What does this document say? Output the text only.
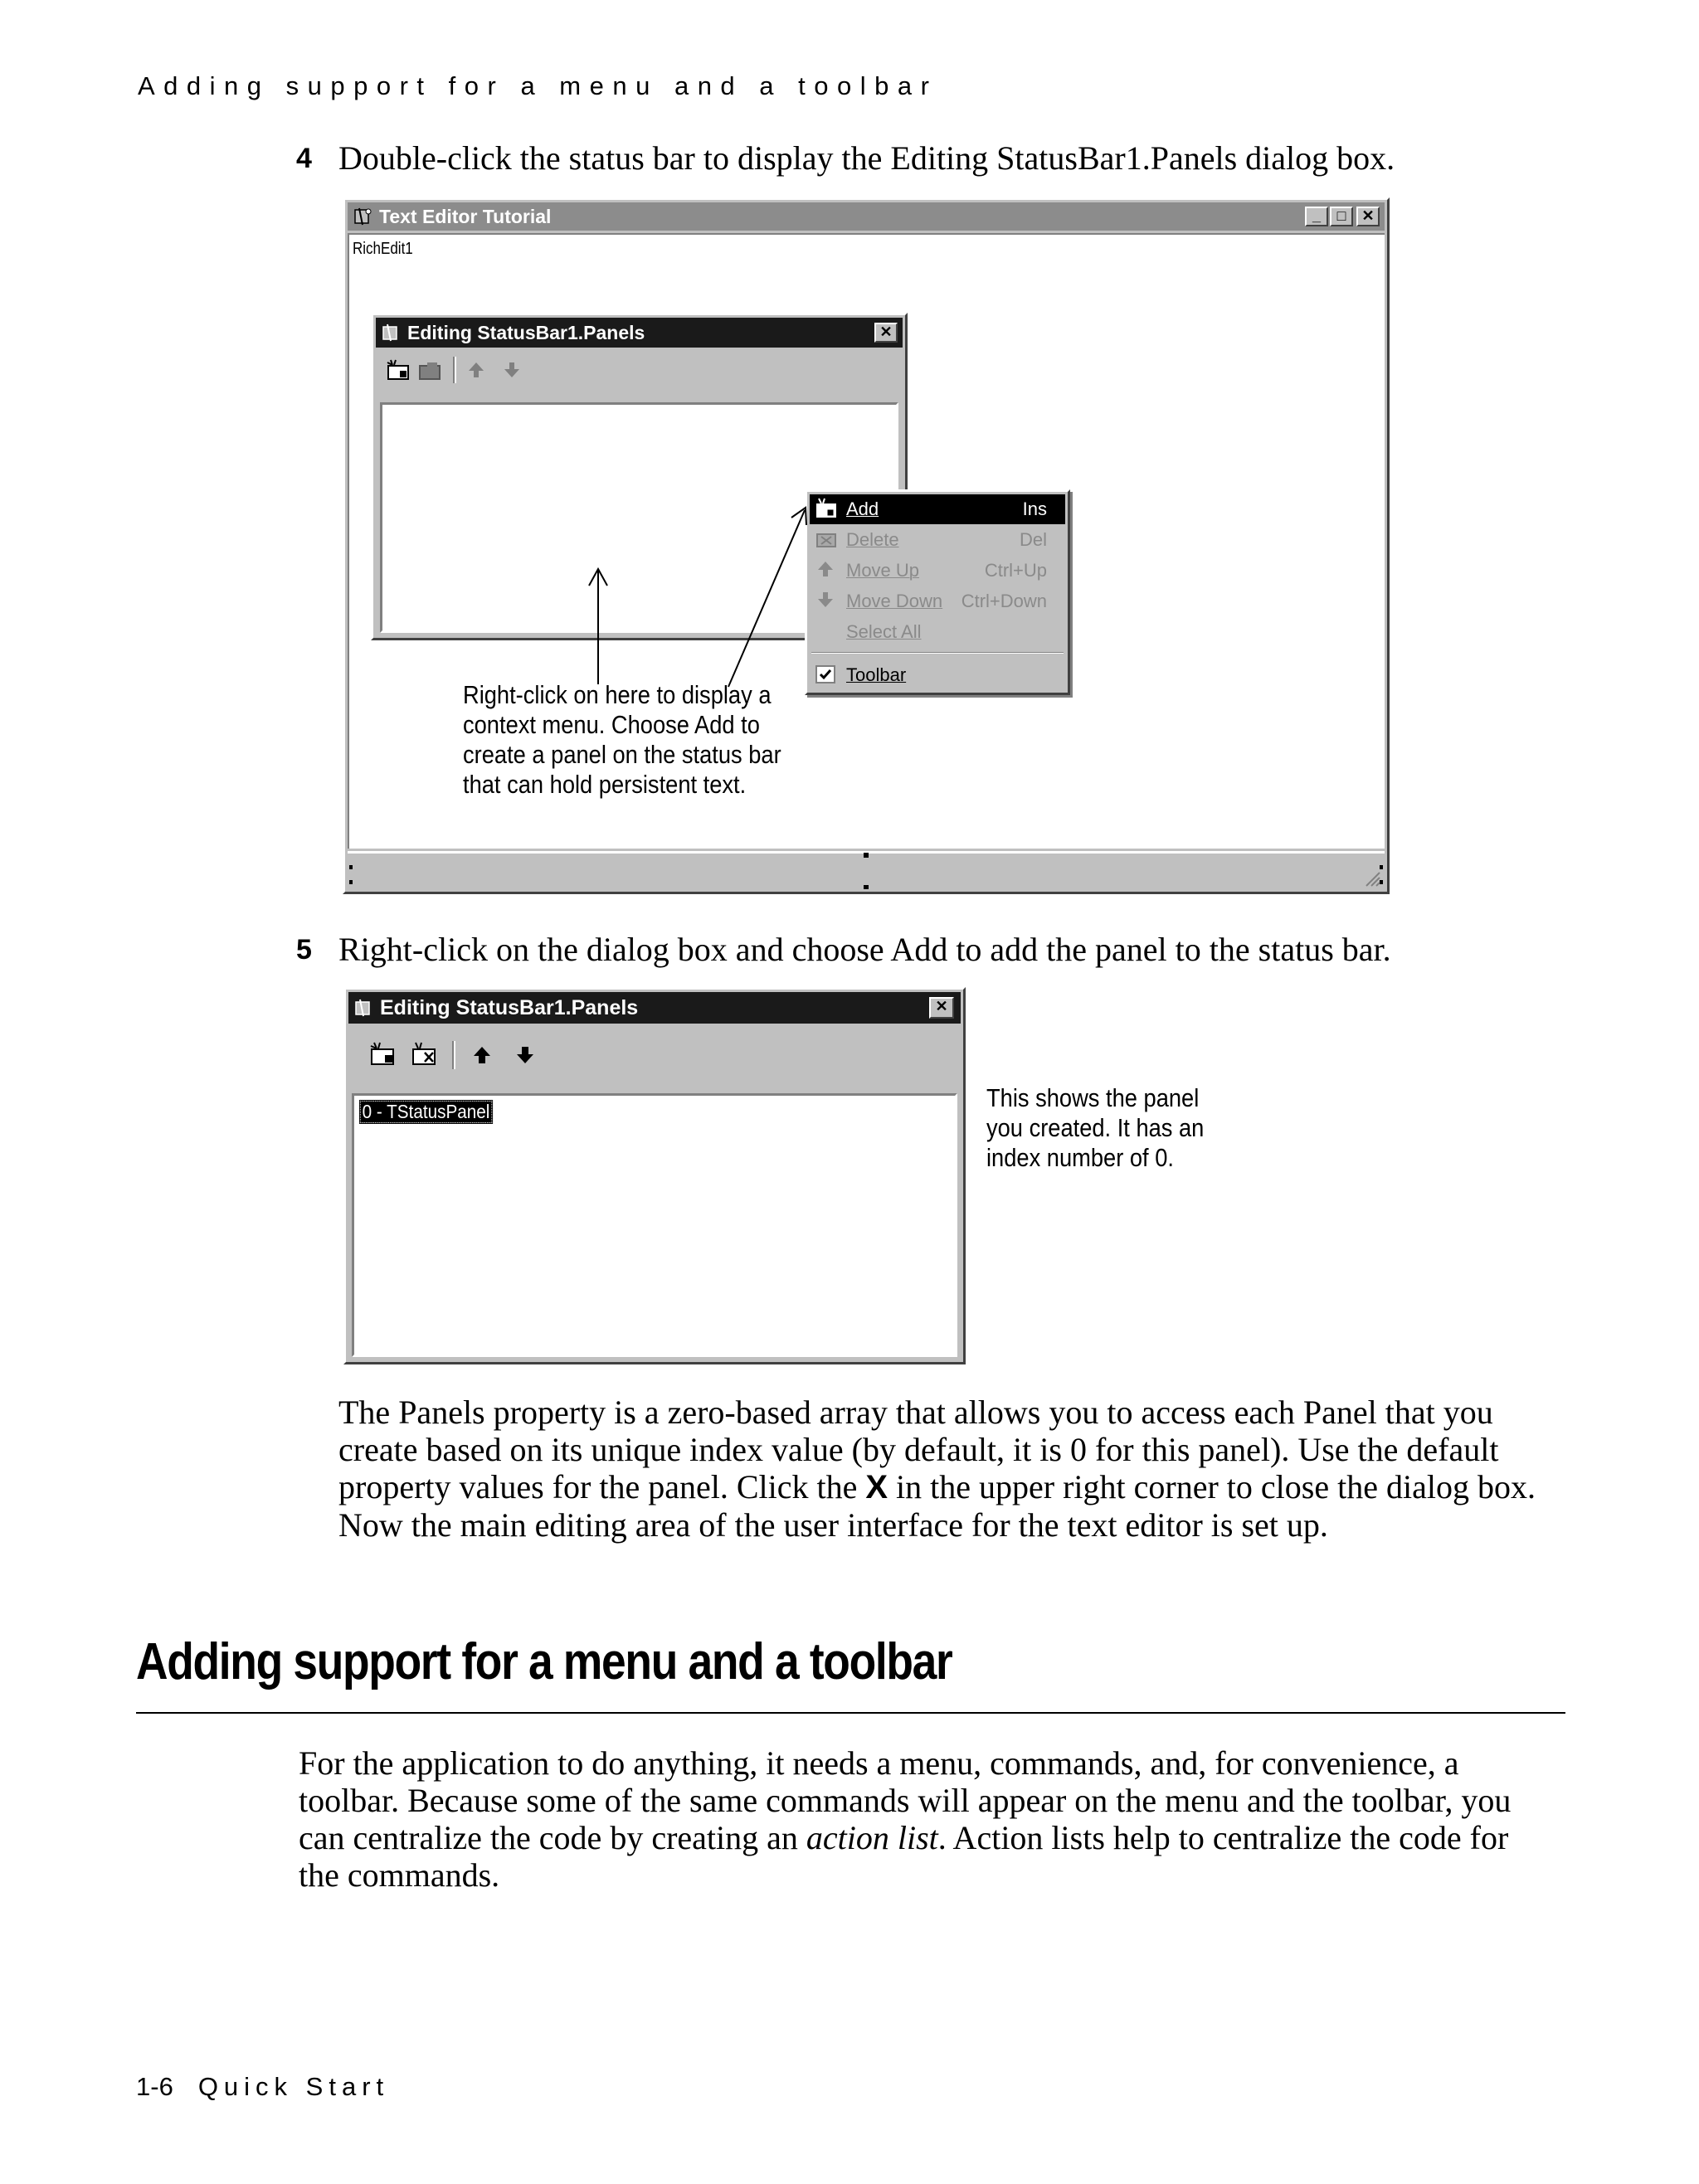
Adding support for a menu and a toolbar
4 Double-click the status bar to display the Editing StatusBar1.Panels dialog box.
Text Editor Tutorial	_	□	✕
RichEdit1
Editing StatusBar1.Panels	✕
Add	Ins
Delete	Del
Move Up	Ctrl+Up
Move Down Ctrl+Down
Select All
Toolbar
Right-click on here to display a
context menu. Choose Add to
create a panel on the status bar
that can hold persistent text.
5 Right-click on the dialog box and choose Add to add the panel to the status bar.
Editing StatusBar1.Panels	✕
0 - TStatusPanel	This shows the panel
you created. It has an
index number of 0.
The Panels property is a zero-based array that allows you to access each Panel that you create based on its unique index value (by default, it is 0 for this panel). Use the default property values for the panel. Click the X in the upper right corner to close the dialog box. Now the main editing area of the user interface for the text editor is set up.
Adding support for a menu and a toolbar
For the application to do anything, it needs a menu, commands, and, for convenience, a toolbar. Because some of the same commands will appear on the menu and the toolbar, you can centralize the code by creating an action list. Action lists help to centralize the code for the commands.
1-6 Quick Start
